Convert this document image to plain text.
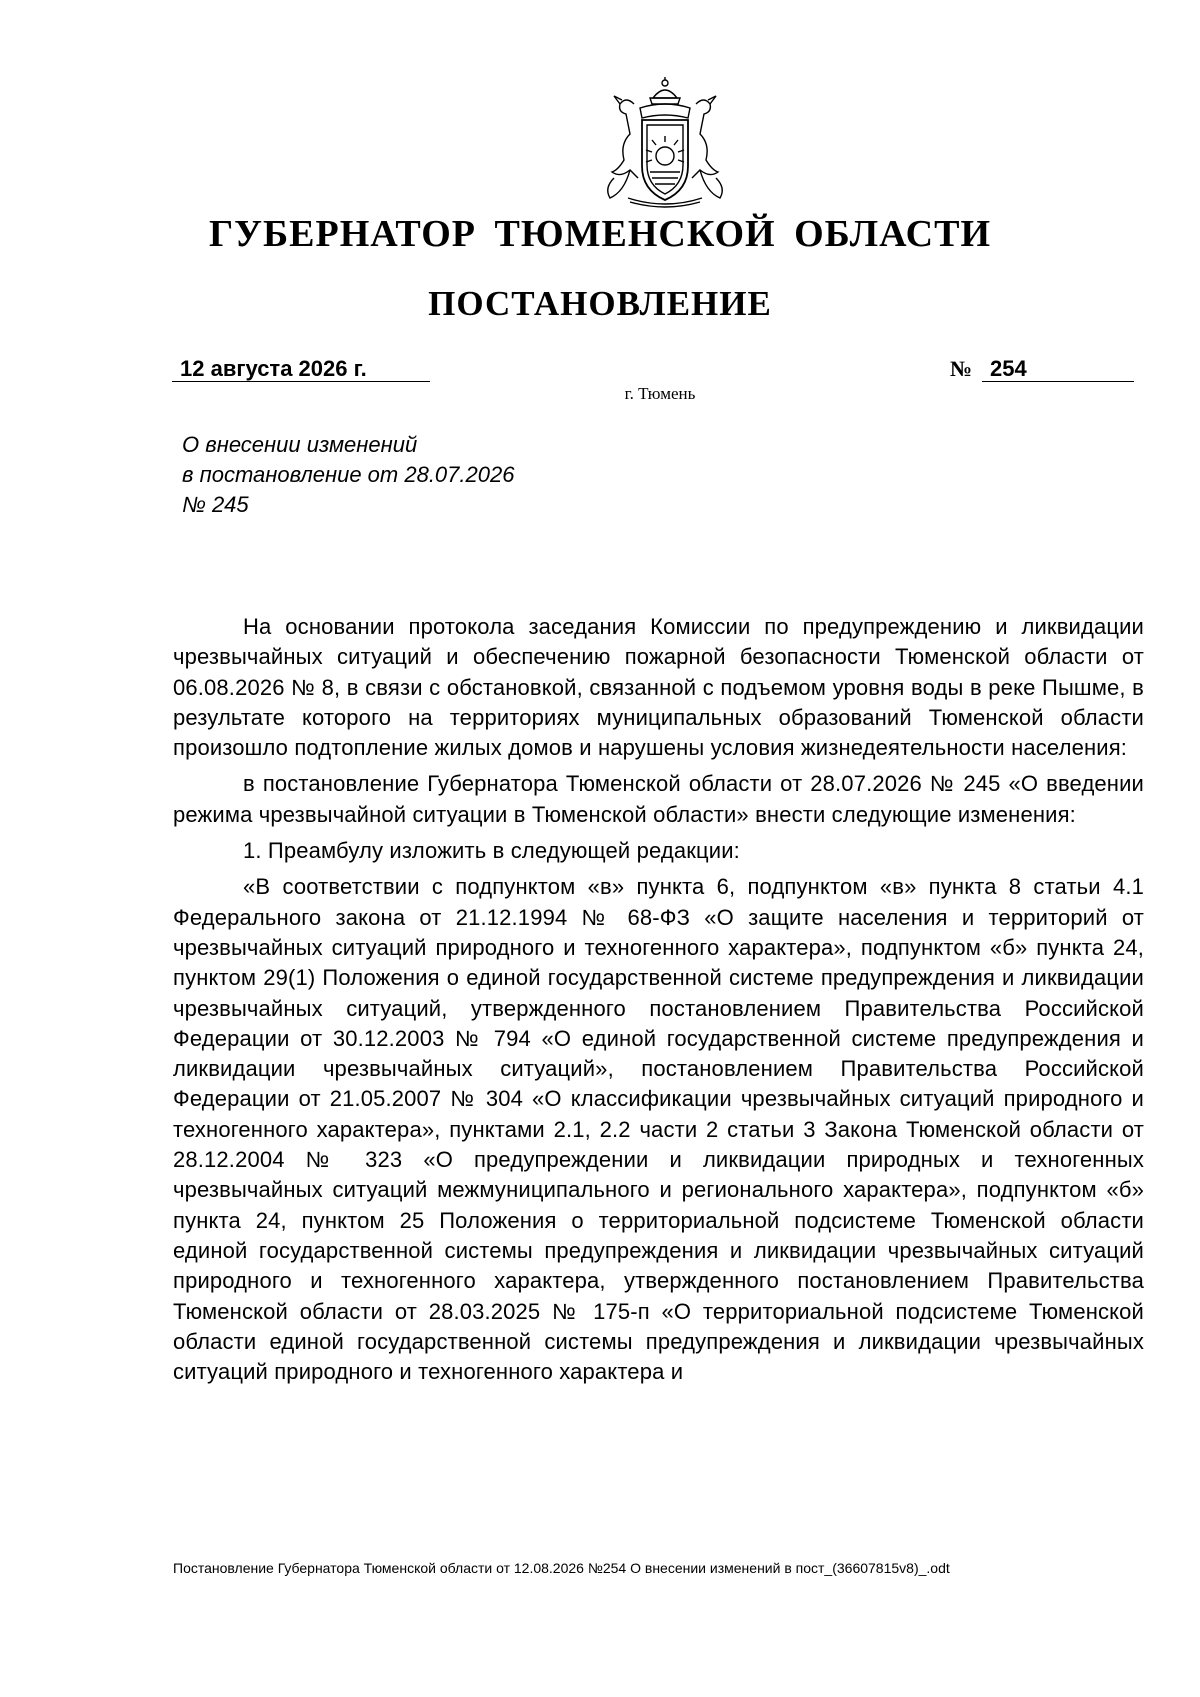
ГУБЕРНАТОР ТЮМЕНСКОЙ ОБЛАСТИ
ПОСТАНОВЛЕНИЕ
12 августа 2026 г.	№ 254
г. Тюмень
О внесении изменений
в постановление от 28.07.2026
№ 245

На основании протокола заседания Комиссии по предупреждению и ликвидации чрезвычайных ситуаций и обеспечению пожарной безопасности Тюменской области от 06.08.2026 № 8, в связи с обстановкой, связанной с подъемом уровня воды в реке Пышме, в результате которого на территориях муниципальных образований Тюменской области произошло подтопление жилых домов и нарушены условия жизнедеятельности населения:

в постановление Губернатора Тюменской области от 28.07.2026 № 245 «О введении режима чрезвычайной ситуации в Тюменской области» внести следующие изменения:

1. Преамбулу изложить в следующей редакции:

«В соответствии с подпунктом «в» пункта 6, подпунктом «в» пункта 8 статьи 4.1 Федерального закона от 21.12.1994 № 68-ФЗ «О защите населения и территорий от чрезвычайных ситуаций природного и техногенного характера», подпунктом «б» пункта 24, пунктом 29(1) Положения о единой государственной системе предупреждения и ликвидации чрезвычайных ситуаций, утвержденного постановлением Правительства Российской Федерации от 30.12.2003 № 794 «О единой государственной системе предупреждения и ликвидации чрезвычайных ситуаций», постановлением Правительства Российской Федерации от 21.05.2007 № 304 «О классификации чрезвычайных ситуаций природного и техногенного характера», пунктами 2.1, 2.2 части 2 статьи 3 Закона Тюменской области от 28.12.2004 № 323 «О предупреждении и ликвидации природных и техногенных чрезвычайных ситуаций межмуниципального и регионального характера», подпунктом «б» пункта 24, пунктом 25 Положения о территориальной подсистеме Тюменской области единой государственной системы предупреждения и ликвидации чрезвычайных ситуаций природного и техногенного характера, утвержденного постановлением Правительства Тюменской области от 28.03.2025 № 175-п «О территориальной подсистеме Тюменской области единой государственной системы предупреждения и ликвидации чрезвычайных ситуаций природного и техногенного характера и

Постановление Губернатора Тюменской области от 12.08.2026 №254 О внесении изменений в пост_(36607815v8)_.odt
